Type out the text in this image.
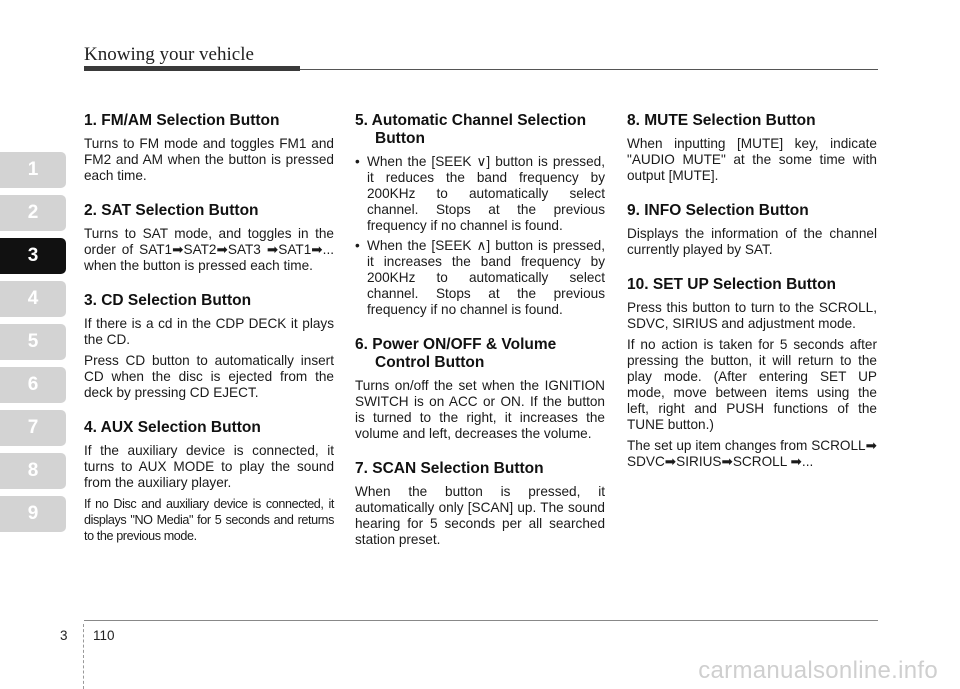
Knowing your vehicle
1
2
3
4
5
6
7
8
9
1. FM/AM Selection Button

Turns to FM mode and toggles FM1 and FM2 and AM when the button is pressed each time.

2. SAT Selection Button

Turns to SAT mode, and toggles in the order of SAT1➡SAT2➡SAT3 ➡SAT1➡... when the button is pressed each time.

3. CD Selection Button

If there is a cd in the CDP DECK it plays the CD.

Press CD button to automatically insert CD when the disc is ejected from the deck by pressing CD EJECT.

4. AUX Selection Button

If the auxiliary device is connected, it turns to AUX MODE to play the sound from the auxiliary player.

If no Disc and auxiliary device is connected, it displays "NO Media" for 5 seconds and returns to the previous mode.

5. Automatic Channel Selection Button
• When the [SEEK ∨] button is pressed, it reduces the band frequency by 200KHz to automatically select channel. Stops at the previous frequency if no channel is found.
• When the [SEEK ∧] button is pressed, it increases the band frequency by 200KHz to automatically select channel. Stops at the previous frequency if no channel is found.
6. Power ON/OFF & Volume Control Button

Turns on/off the set when the IGNITION SWITCH is on ACC or ON. If the button is turned to the right, it increases the volume and left, decreases the volume.

7. SCAN Selection Button

When the button is pressed, it automatically only [SCAN] up. The sound hearing for 5 seconds per all searched station preset.

8. MUTE Selection Button

When inputting [MUTE] key, indicate "AUDIO MUTE" at the some time with output [MUTE].

9. INFO Selection Button

Displays the information of the channel currently played by SAT.

10. SET UP Selection Button

Press this button to turn to the SCROLL, SDVC, SIRIUS and adjustment mode.

If no action is taken for 5 seconds after pressing the button, it will return to the play mode. (After entering SET UP mode, move between items using the left, right and PUSH functions of the TUNE button.)

The set up item changes from SCROLL➡ SDVC➡SIRIUS➡SCROLL ➡...

3 110
carmanualsonline.info
